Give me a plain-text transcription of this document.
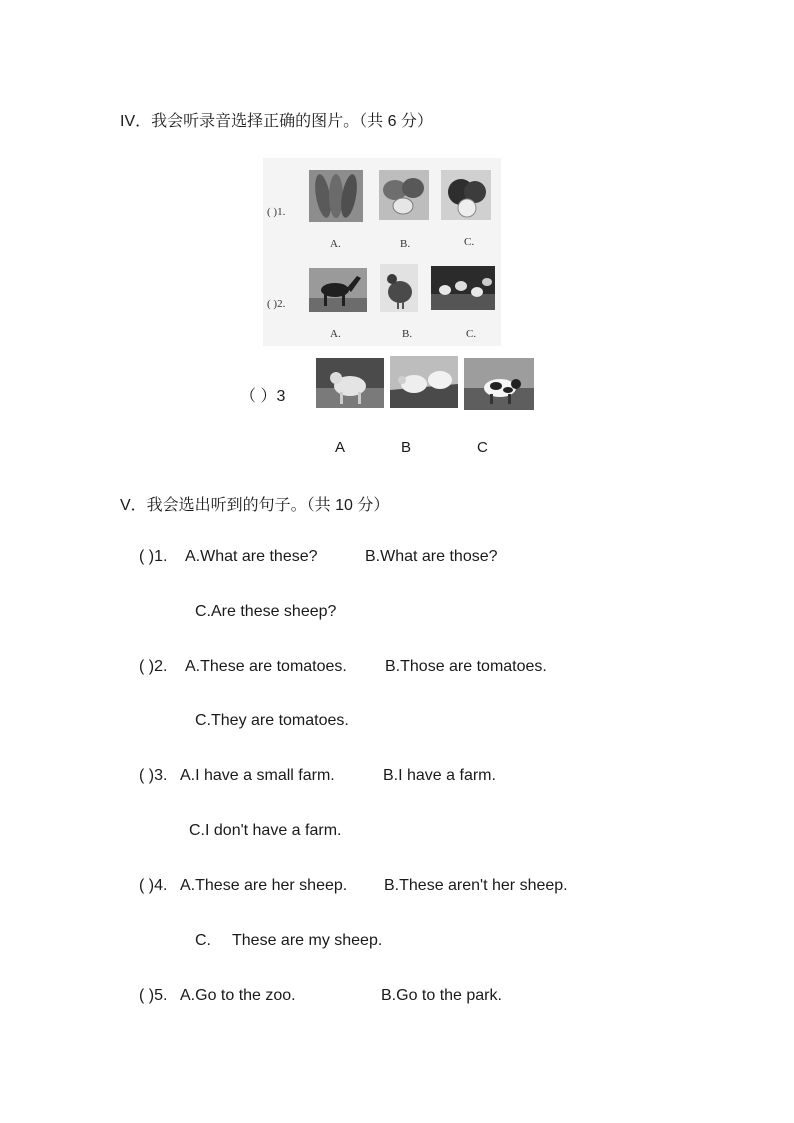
IV．我会听录音选择正确的图片。（共 6 分）
( )1.
A.	B.	C.
( )2.
A.	B.	C.
（ ）3
A	B	C
V．我会选出听到的句子。（共 10 分）
( )1. A.What are these?	B.What are those?
C.Are these sheep?
( )2. A.These are tomatoes. B.Those are tomatoes.
C.They are tomatoes.
( )3. A.I have a small farm.	B.I have a farm.
C.I don't have a farm.
( )4. A.These are her sheep. B.These aren't her sheep.
C. These are my sheep.
( )5. A.Go to the zoo.	B.Go to the park.
